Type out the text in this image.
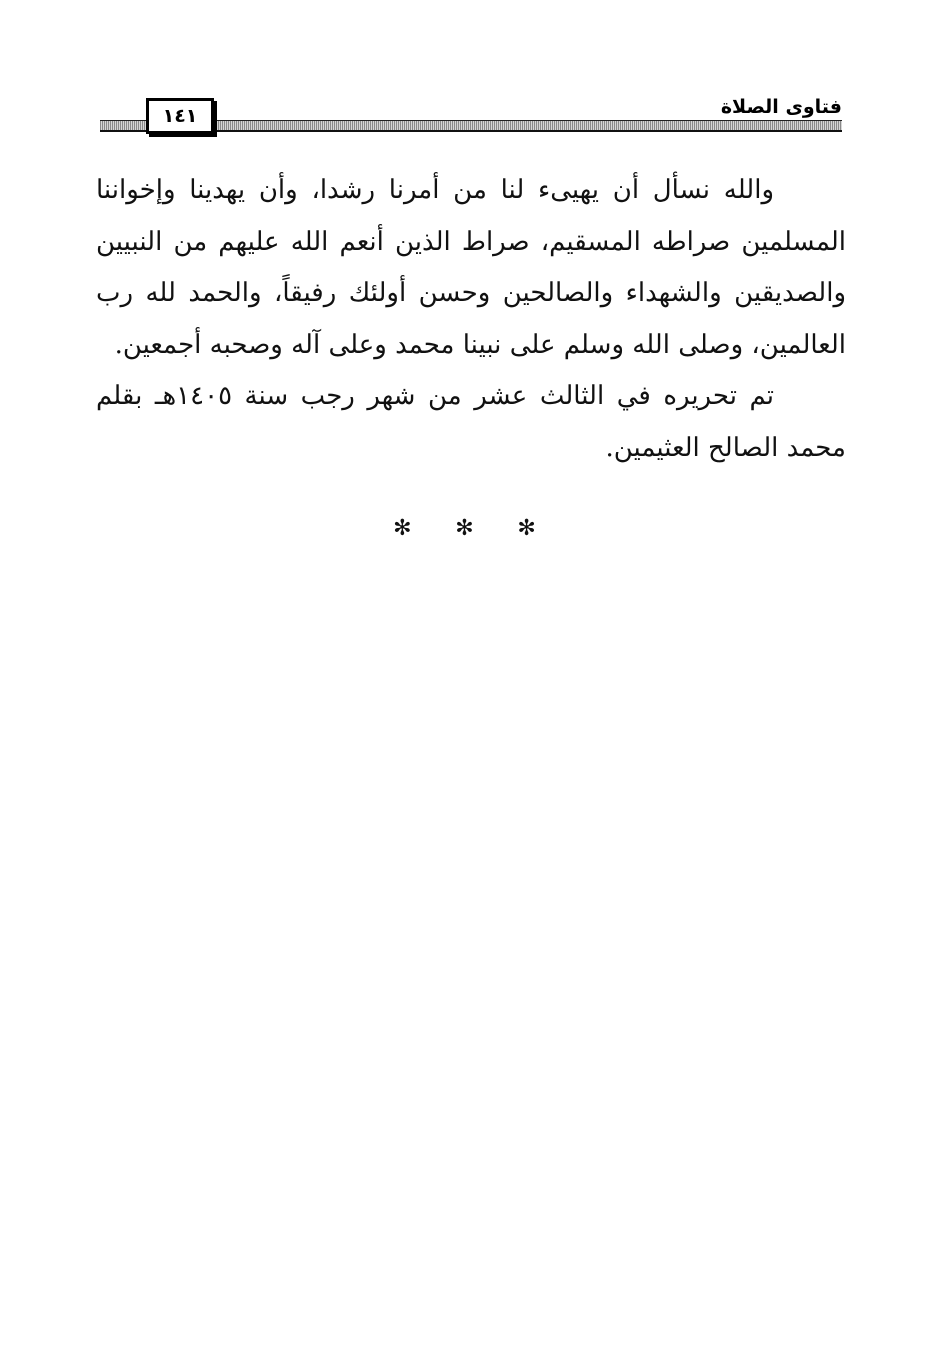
فتاوى الصلاة
١٤١

والله نسأل أن يهيىء لنا من أمرنا رشدا، وأن يهدينا وإخواننا المسلمين صراطه المسقيم، صراط الذين أنعم الله عليهم من النبيين والصديقين والشهداء والصالحين وحسن أولئك رفيقاً، والحمد لله رب العالمين، وصلى الله وسلم على نبينا محمد وعلى آله وصحبه أجمعين.

تم تحريره في الثالث عشر من شهر رجب سنة ١٤٠٥هـ بقلم محمد الصالح العثيمين.

✻ ✻ ✻
